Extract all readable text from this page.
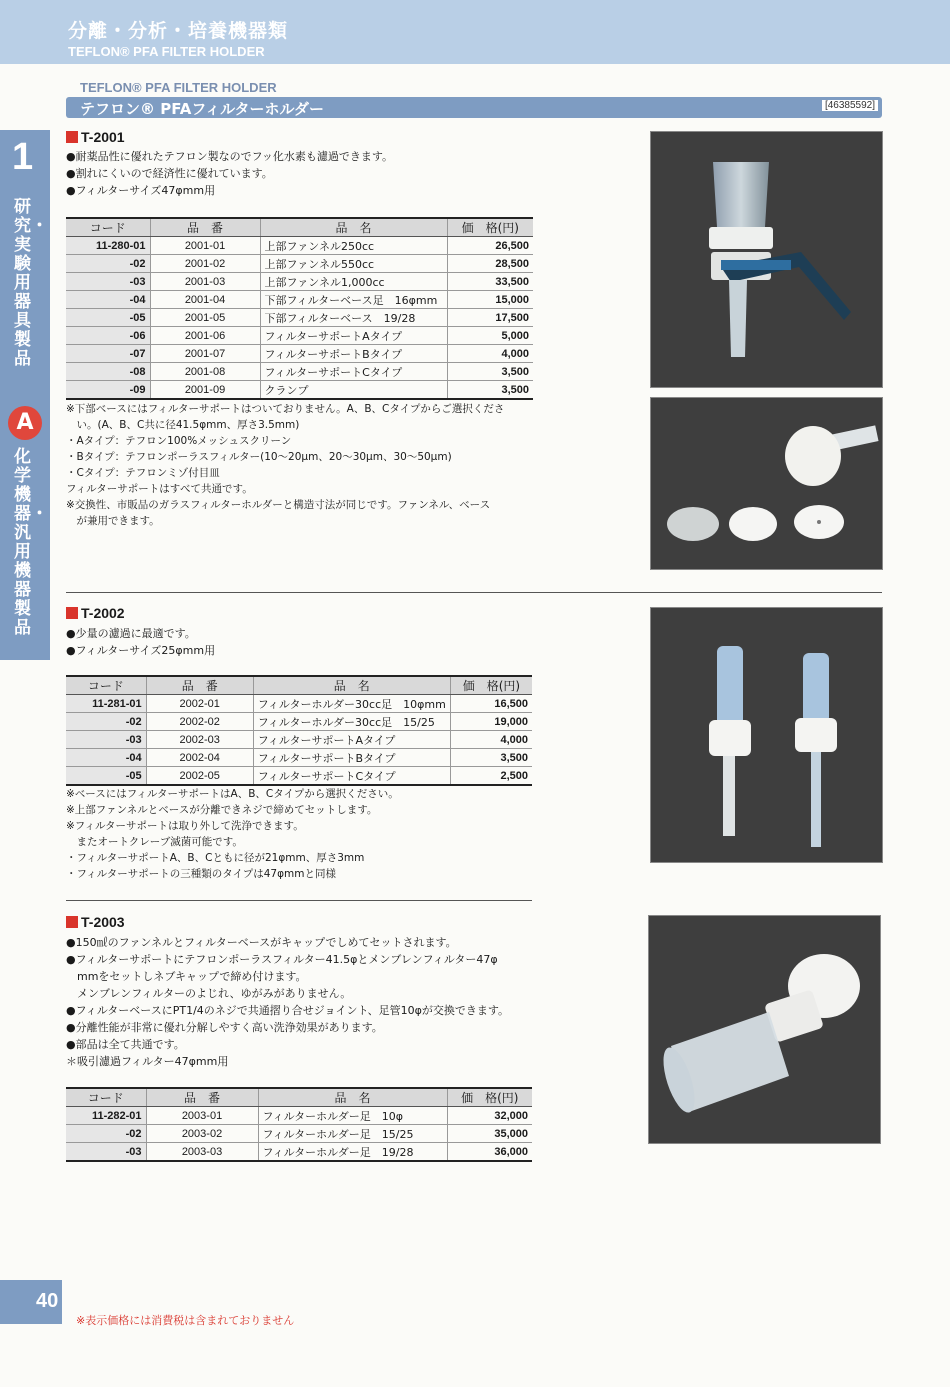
分離・分析・培養機器類
TEFLON® PFA FILTER HOLDER
TEFLON® PFA FILTER HOLDER
テフロン® PFAフィルターホルダー	[46385592]
1
研究・実験用器具製品
A
化学機器・汎用機器製品
T-2001
●耐薬品性に優れたテフロン製なのでフッ化水素も濾過できます。
●割れにくいので経済性に優れています。
●フィルターサイズ47φmm用
コード	品　番	品　名	価　格(円)
11-280-01	2001-01	上部ファンネル250cc	26,500
-02	2001-02	上部ファンネル550cc	28,500
-03	2001-03	上部ファンネル1,000cc	33,500
-04	2001-04	下部フィルターベース足　16φmm	15,000
-05	2001-05	下部フィルターベース　19/28	17,500
-06	2001-06	フィルターサポートAタイプ	5,000
-07	2001-07	フィルターサポートBタイプ	4,000
-08	2001-08	フィルターサポートCタイプ	3,500
-09	2001-09	クランプ	3,500
※下部ベースにはフィルターサポートはついておりません。A、B、Cタイプからご選択くださ
　い。(A、B、C共に径41.5φmm、厚さ3.5mm)
・Aタイプ：テフロン100%メッシュスクリーン
・Bタイプ：テフロンポーラスフィルター(10～20μm、20～30μm、30～50μm)
・Cタイプ：テフロンミゾ付目皿
フィルターサポートはすべて共通です。
※交換性、市販品のガラスフィルターホルダーと構造寸法が同じです。ファンネル、ベース
　が兼用できます。
T-2002
●少量の濾過に最適です。
●フィルターサイズ25φmm用
コード	品　番	品　名	価　格(円)
11-281-01	2002-01	フィルターホルダー30cc足　10φmm	16,500
-02	2002-02	フィルターホルダー30cc足　15/25	19,000
-03	2002-03	フィルターサポートAタイプ	4,000
-04	2002-04	フィルターサポートBタイプ	3,500
-05	2002-05	フィルターサポートCタイプ	2,500
※ベースにはフィルターサポートはA、B、Cタイプから選択ください。
※上部ファンネルとベースが分離できネジで締めてセットします。
※フィルターサポートは取り外して洗浄できます。
　またオートクレーブ滅菌可能です。
・フィルターサポートA、B、Cともに径が21φmm、厚さ3mm
・フィルターサポートの三種類のタイプは47φmmと同様
T-2003
●150㎖のファンネルとフィルターベースがキャップでしめてセットされます。
●フィルターサポートにテフロンポーラスフィルター41.5φとメンブレンフィルター47φ
　mmをセットしネブキャップで締め付けます。
　メンブレンフィルターのよじれ、ゆがみがありません。
●フィルターベースにPT1/4のネジで共通摺り合せジョイント、足管10φが交換できます。
●分離性能が非常に優れ分解しやすく高い洗浄効果があります。
●部品は全て共通です。
＊吸引濾過フィルター47φmm用
コード	品　番	品　名	価　格(円)
11-282-01	2003-01	フィルターホルダー足　10φ	32,000
-02	2003-02	フィルターホルダー足　15/25	35,000
-03	2003-03	フィルターホルダー足　19/28	36,000
40
※表示価格には消費税は含まれておりません
